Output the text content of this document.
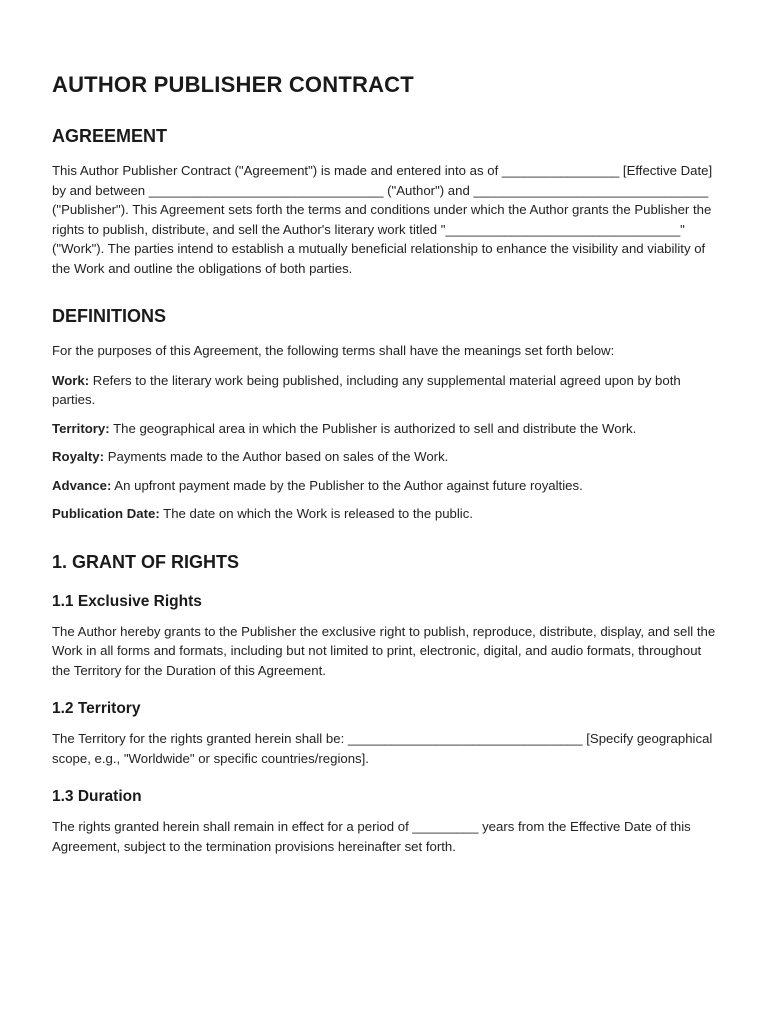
AUTHOR PUBLISHER CONTRACT
AGREEMENT

This Author Publisher Contract ("Agreement") is made and entered into as of ________________ [Effective Date] by and between ________________________________ ("Author") and ________________________________ ("Publisher"). This Agreement sets forth the terms and conditions under which the Author grants the Publisher the rights to publish, distribute, and sell the Author's literary work titled "________________________________" ("Work"). The parties intend to establish a mutually beneficial relationship to enhance the visibility and viability of the Work and outline the obligations of both parties.

DEFINITIONS

For the purposes of this Agreement, the following terms shall have the meanings set forth below:

Work: Refers to the literary work being published, including any supplemental material agreed upon by both parties.

Territory: The geographical area in which the Publisher is authorized to sell and distribute the Work.

Royalty: Payments made to the Author based on sales of the Work.

Advance: An upfront payment made by the Publisher to the Author against future royalties.

Publication Date: The date on which the Work is released to the public.

1. GRANT OF RIGHTS
1.1 Exclusive Rights

The Author hereby grants to the Publisher the exclusive right to publish, reproduce, distribute, display, and sell the Work in all forms and formats, including but not limited to print, electronic, digital, and audio formats, throughout the Territory for the Duration of this Agreement.

1.2 Territory

The Territory for the rights granted herein shall be: ________________________________ [Specify geographical scope, e.g., "Worldwide" or specific countries/regions].

1.3 Duration

The rights granted herein shall remain in effect for a period of _________ years from the Effective Date of this Agreement, subject to the termination provisions hereinafter set forth.
